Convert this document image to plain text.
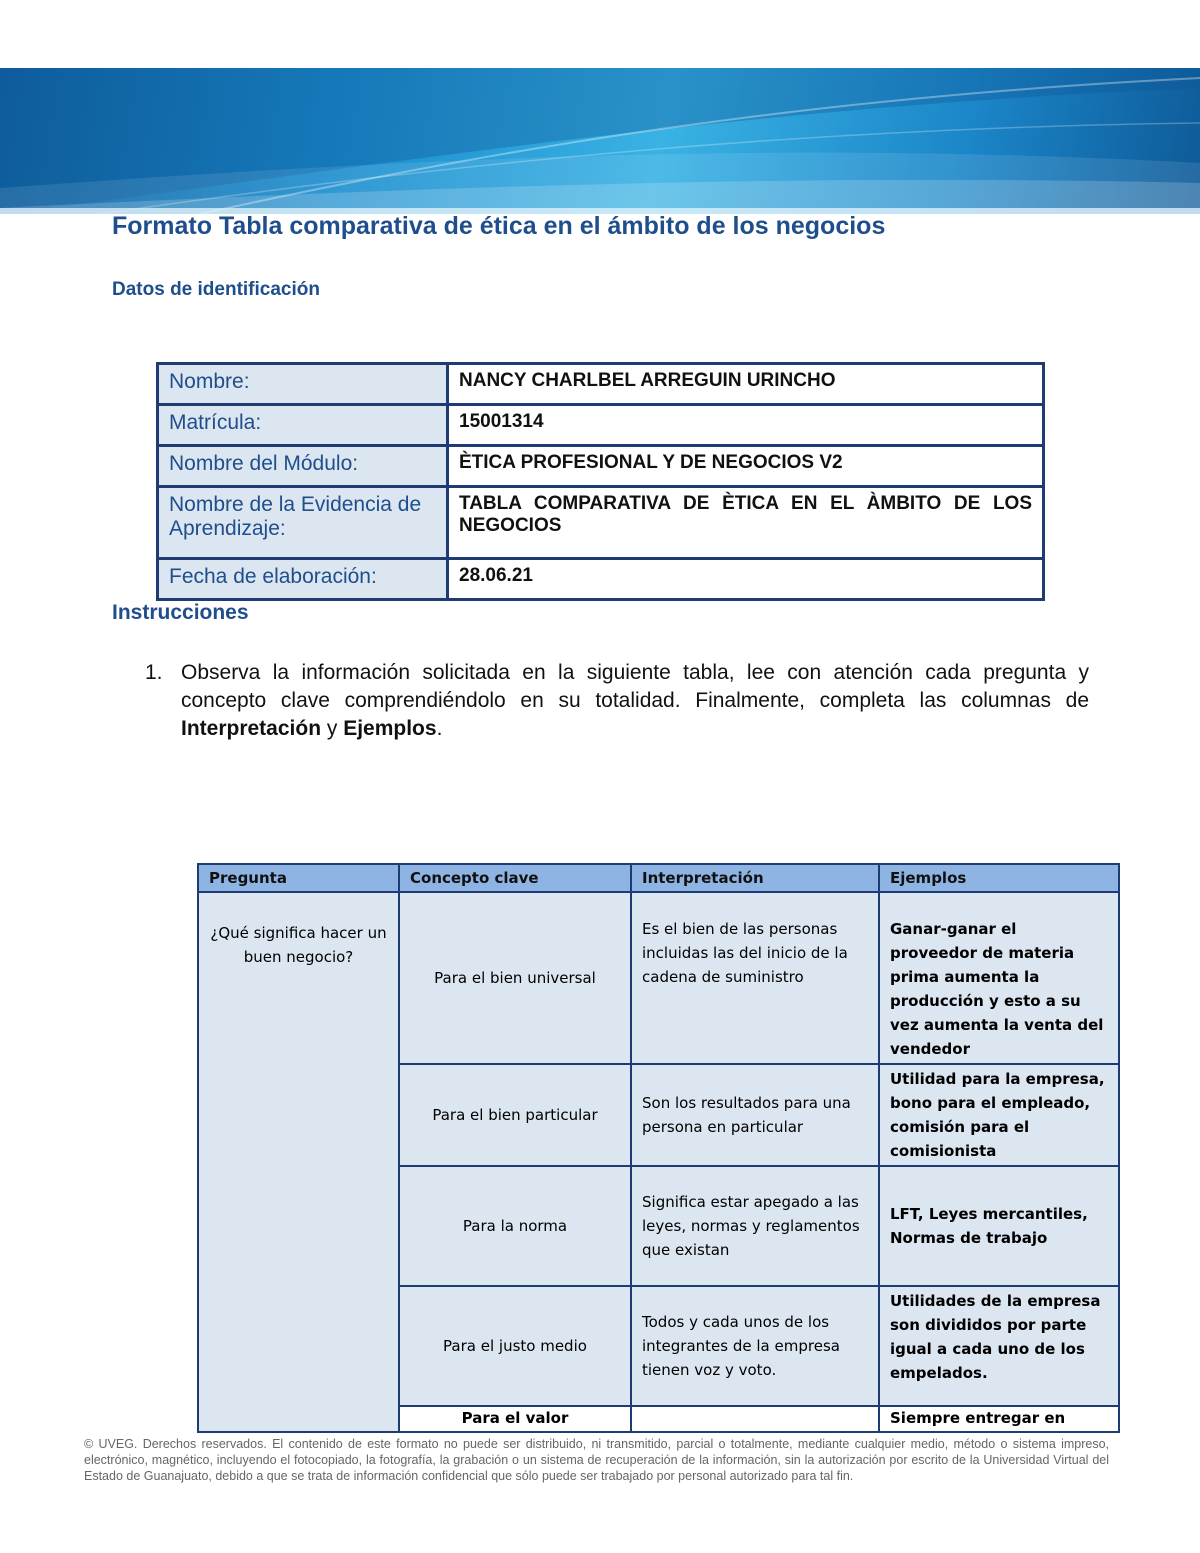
Formato Tabla comparativa de ética en el ámbito de los negocios
Datos de identificación
Nombre:	NANCY CHARLBEL ARREGUIN URINCHO
Matrícula:	15001314
Nombre del Módulo:	ÈTICA PROFESIONAL Y DE NEGOCIOS V2
Nombre de la Evidencia de Aprendizaje:	TABLA COMPARATIVA DE ÈTICA EN EL ÀMBITO DE LOS NEGOCIOS
Fecha de elaboración:	28.06.21
Instrucciones
1. Observa la información solicitada en la siguiente tabla, lee con atención cada pregunta y concepto clave comprendiéndolo en su totalidad. Finalmente, completa las columnas de Interpretación y Ejemplos.
Pregunta	Concepto clave	Interpretación	Ejemplos
¿Qué significa hacer un buen negocio?	Para el bien universal	Es el bien de las personas incluidas las del inicio de la cadena de suministro	Ganar-ganar el proveedor de materia prima aumenta la producción y esto a su vez aumenta la venta del vendedor
	Para el bien particular	Son los resultados para una persona en particular	Utilidad para la empresa, bono para el empleado, comisión para el comisionista
	Para la norma	Significa estar apegado a las leyes, normas y reglamentos que existan	LFT, Leyes mercantiles, Normas de trabajo
	Para el justo medio	Todos y cada unos de los integrantes de la empresa tienen voz y voto.	Utilidades de la empresa son divididos por parte igual a cada uno de los empelados.
	Para el valor		Siempre entregar en

© UVEG. Derechos reservados. El contenido de este formato no puede ser distribuido, ni transmitido, parcial o totalmente, mediante cualquier medio, método o sistema impreso, electrónico, magnético, incluyendo el fotocopiado, la fotografía, la grabación o un sistema de recuperación de la información, sin la autorización por escrito de la Universidad Virtual del Estado de Guanajuato, debido a que se trata de información confidencial que sólo puede ser trabajado por personal autorizado para tal fin.
